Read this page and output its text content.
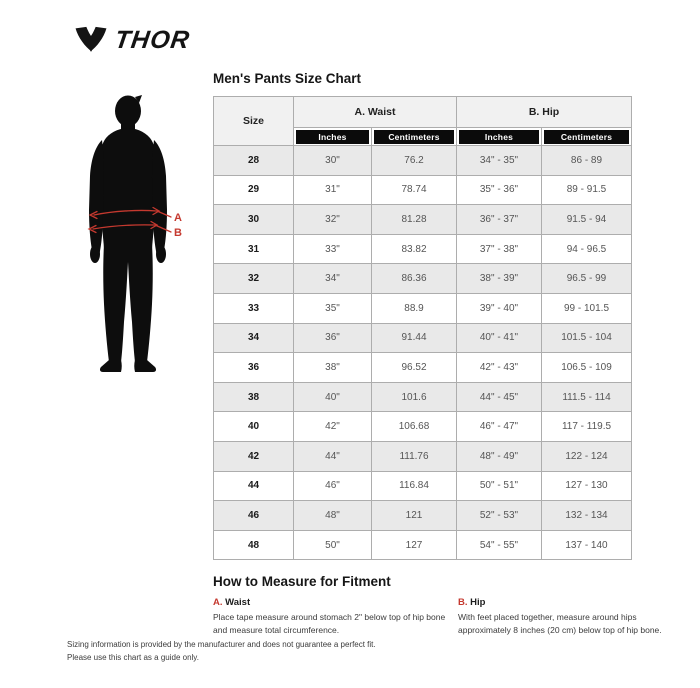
THOR
A
B
Men's Pants Size Chart
Size	A. Waist		B. Hip	

	Inches	Centimeters	Inches	Centimeters

28	30"	76.2	34" - 35"	86 - 89
29	31"	78.74	35" - 36"	89 - 91.5
30	32"	81.28	36" - 37"	91.5 - 94
31	33"	83.82	37" - 38"	94 - 96.5
32	34"	86.36	38" - 39"	96.5 - 99
33	35"	88.9	39" - 40"	99 - 101.5
34	36"	91.44	40" - 41"	101.5 - 104
36	38"	96.52	42" - 43"	106.5 - 109
38	40"	101.6	44" - 45"	111.5 - 114
40	42"	106.68	46" - 47"	117 - 119.5
42	44"	111.76	48" - 49"	122 - 124
44	46"	116.84	50" - 51"	127 - 130
46	48"	121	52" - 53"	132 - 134
48	50"	127	54" - 55"	137 - 140
How to Measure for Fitment
A. Waist
Place tape measure around stomach 2" below top of hip bone and measure total circumference.
B. Hip
With feet placed together, measure around hips approximately 8 inches (20 cm) below top of hip bone.
Sizing information is provided by the manufacturer and does not guarantee a perfect fit.
Please use this chart as a guide only.
